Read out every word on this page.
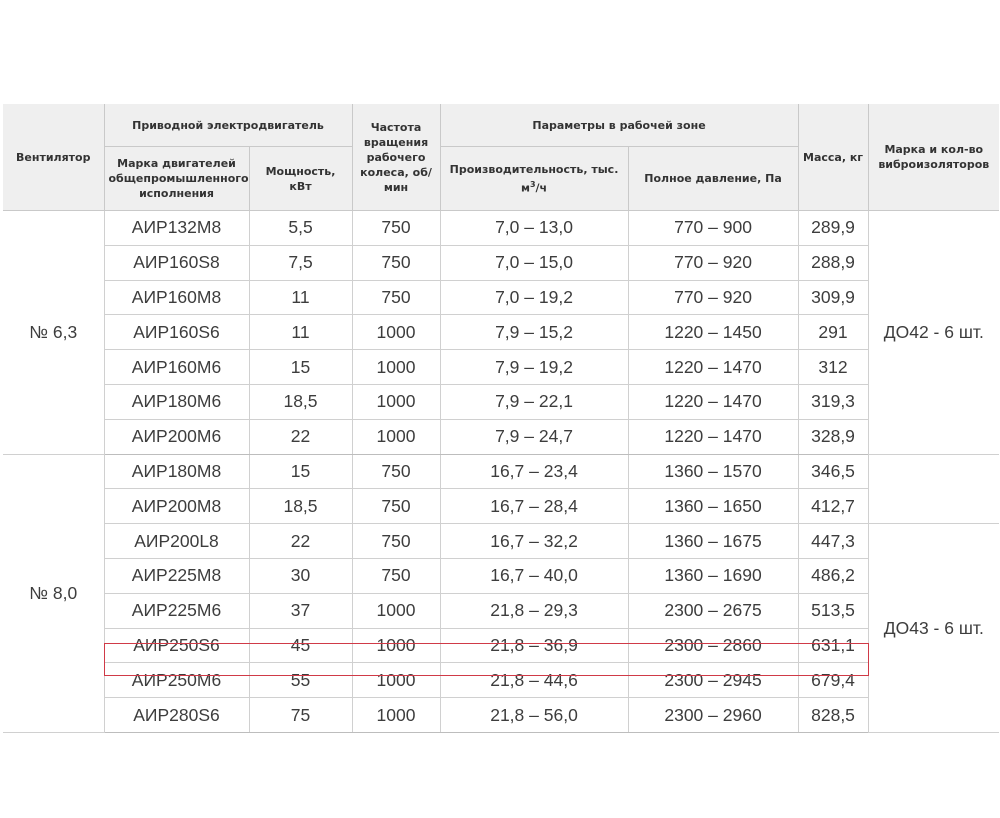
Вентилятор	Приводной электродвигатель		Частота вращения рабочего колеса, об/мин	Параметры в рабочей зоне		Масса, кг	Марка и кол-во виброизоляторов
	Марка двигателей общепромышленного исполнения	Мощность, кВт		Производительность, тыс. $м^3/ч$	Полное давление, Па		
№ 6,3	АИР132М8	5,5	750	7,0 – 13,0	770 – 900	289,9	ДО42 - 6 шт.
	АИР160S8	7,5	750	7,0 – 15,0	770 – 920	288,9	
	АИР160М8	11	750	7,0 – 19,2	770 – 920	309,9	
	АИР160S6	11	1000	7,9 – 15,2	1220 – 1450	291	
	АИР160М6	15	1000	7,9 – 19,2	1220 – 1470	312	
	АИР180М6	18,5	1000	7,9 – 22,1	1220 – 1470	319,3	
	АИР200М6	22	1000	7,9 – 24,7	1220 – 1470	328,9	
№ 8,0	АИР180М8	15	750	16,7 – 23,4	1360 – 1570	346,5	
	АИР200М8	18,5	750	16,7 – 28,4	1360 – 1650	412,7	
	АИР200L8	22	750	16,7 – 32,2	1360 – 1675	447,3	ДО43 - 6 шт.
	АИР225М8	30	750	16,7 – 40,0	1360 – 1690	486,2	
	АИР225М6	37	1000	21,8 – 29,3	2300 – 2675	513,5	
	АИР250S6	45	1000	21,8 – 36,9	2300 – 2860	631,1	
	АИР250М6	55	1000	21,8 – 44,6	2300 – 2945	679,4	
	АИР280S6	75	1000	21,8 – 56,0	2300 – 2960	828,5	
